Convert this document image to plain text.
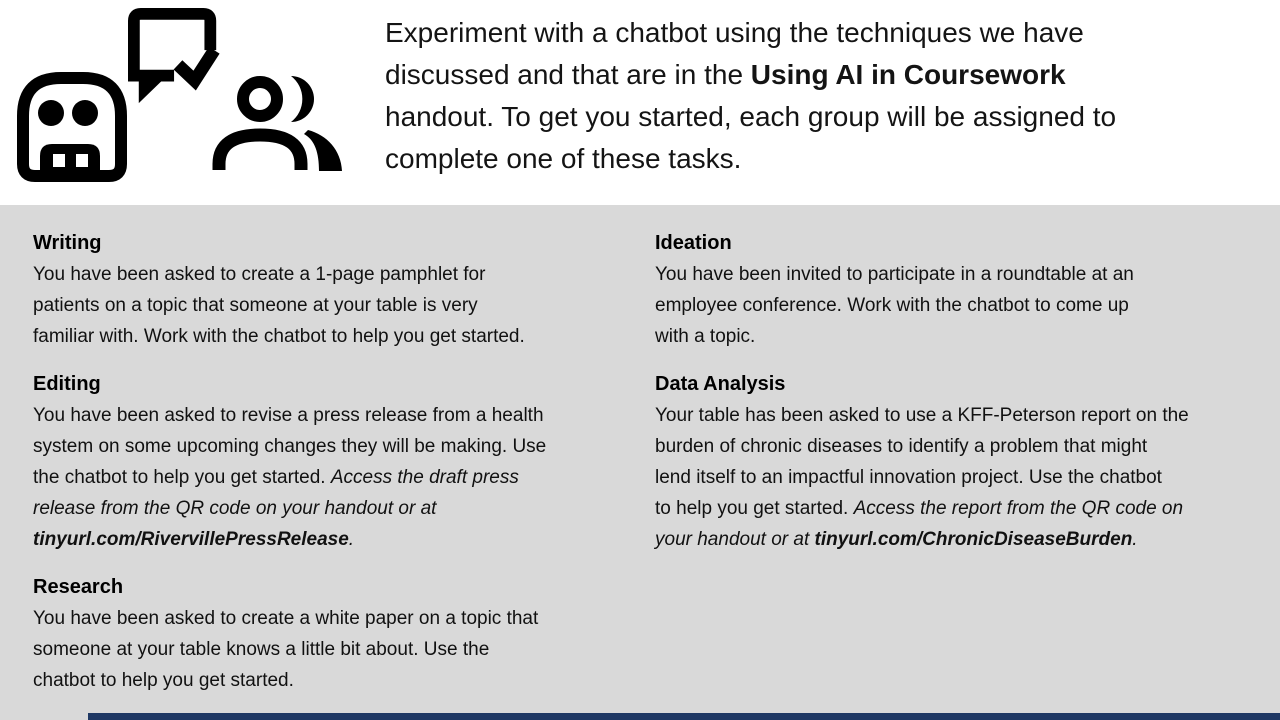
Experiment with a chatbot using the techniques we have
discussed and that are in the Using AI in Coursework
handout. To get you started, each group will be assigned to
complete one of these tasks.
Writing

You have been asked to create a 1-page pamphlet for

patients on a topic that someone at your table is very

familiar with. Work with the chatbot to help you get started.

Editing

You have been asked to revise a press release from a health

system on some upcoming changes they will be making. Use

the chatbot to help you get started. Access the draft press

release from the QR code on your handout or at

tinyurl.com/RivervillePressRelease.

Research

You have been asked to create a white paper on a topic that

someone at your table knows a little bit about. Use the

chatbot to help you get started.

Ideation

You have been invited to participate in a roundtable at an

employee conference. Work with the chatbot to come up

with a topic.

Data Analysis

Your table has been asked to use a KFF-Peterson report on the

burden of chronic diseases to identify a problem that might

lend itself to an impactful innovation project. Use the chatbot

to help you get started. Access the report from the QR code on

your handout or at tinyurl.com/ChronicDiseaseBurden.
